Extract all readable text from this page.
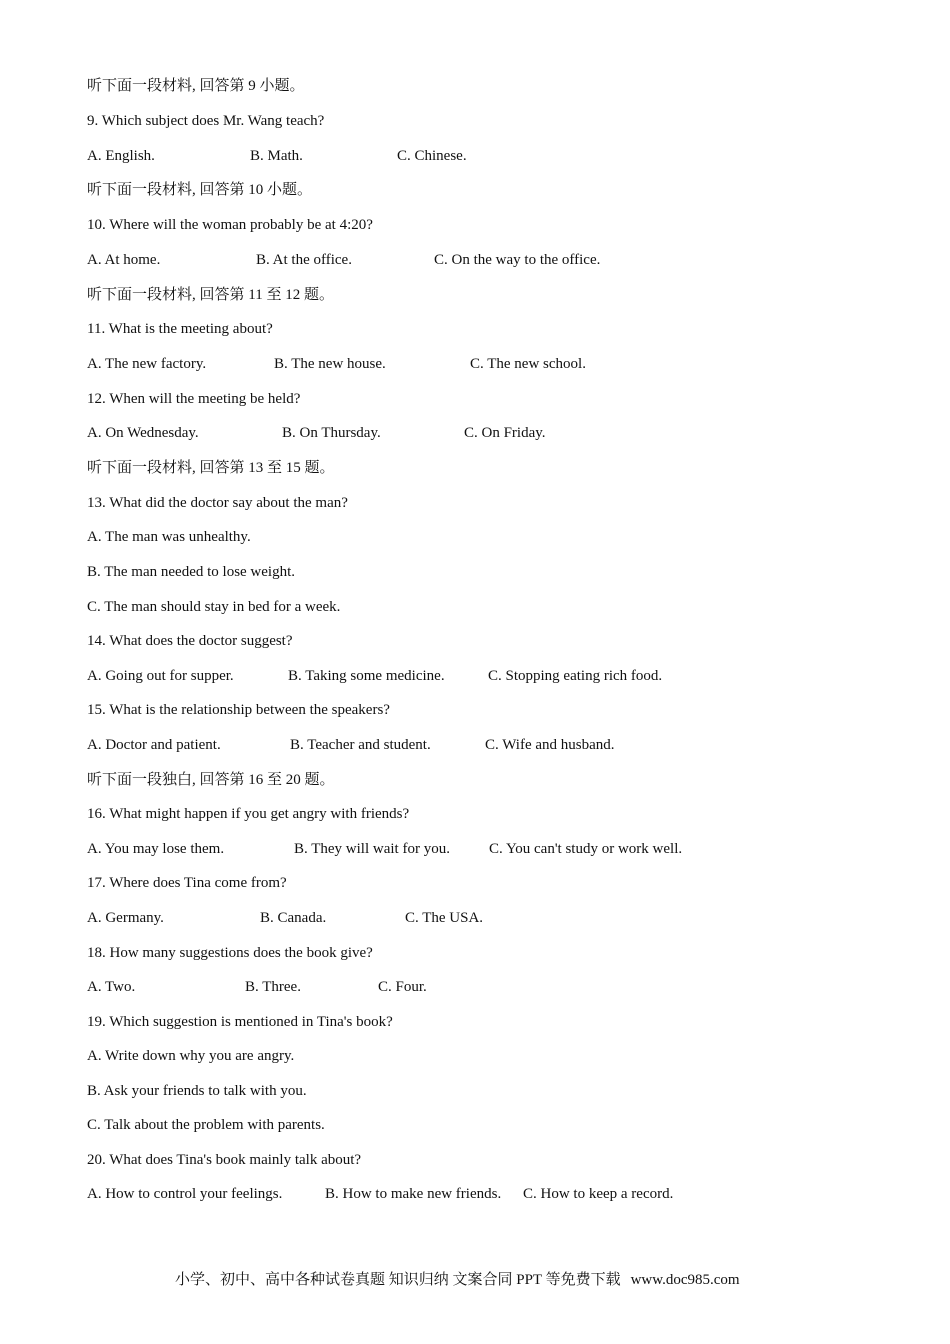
听下面一段材料, 回答第 9 小题。
9. Which subject does Mr. Wang teach?
A. English.	B. Math.	C. Chinese.
听下面一段材料, 回答第 10 小题。
10. Where will the woman probably be at 4:20?
A. At home.	B. At the office.	C. On the way to the office.
听下面一段材料, 回答第 11 至 12 题。
11. What is the meeting about?
A. The new factory.	B. The new house.	C. The new school.
12. When will the meeting be held?
A. On Wednesday.	B. On Thursday.	C. On Friday.
听下面一段材料, 回答第 13 至 15 题。
13. What did the doctor say about the man?
A. The man was unhealthy.
B. The man needed to lose weight.
C. The man should stay in bed for a week.
14. What does the doctor suggest?
A. Going out for supper.	B. Taking some medicine.	C. Stopping eating rich food.
15. What is the relationship between the speakers?
A. Doctor and patient.	B. Teacher and student.	C. Wife and husband.
听下面一段独白, 回答第 16 至 20 题。
16. What might happen if you get angry with friends?
A. You may lose them.	B. They will wait for you.	C. You can't study or work well.
17. Where does Tina come from?
A. Germany.	B. Canada.	C. The USA.
18. How many suggestions does the book give?
A. Two.	B. Three.	C. Four.
19. Which suggestion is mentioned in Tina's book?
A. Write down why you are angry.
B. Ask your friends to talk with you.
C. Talk about the problem with parents.
20. What does Tina's book mainly talk about?
A. How to control your feelings.	B. How to make new friends. C. How to keep a record.
小学、初中、高中各种试卷真题 知识归纳 文案合同 PPT 等免费下载 www.doc985.com
